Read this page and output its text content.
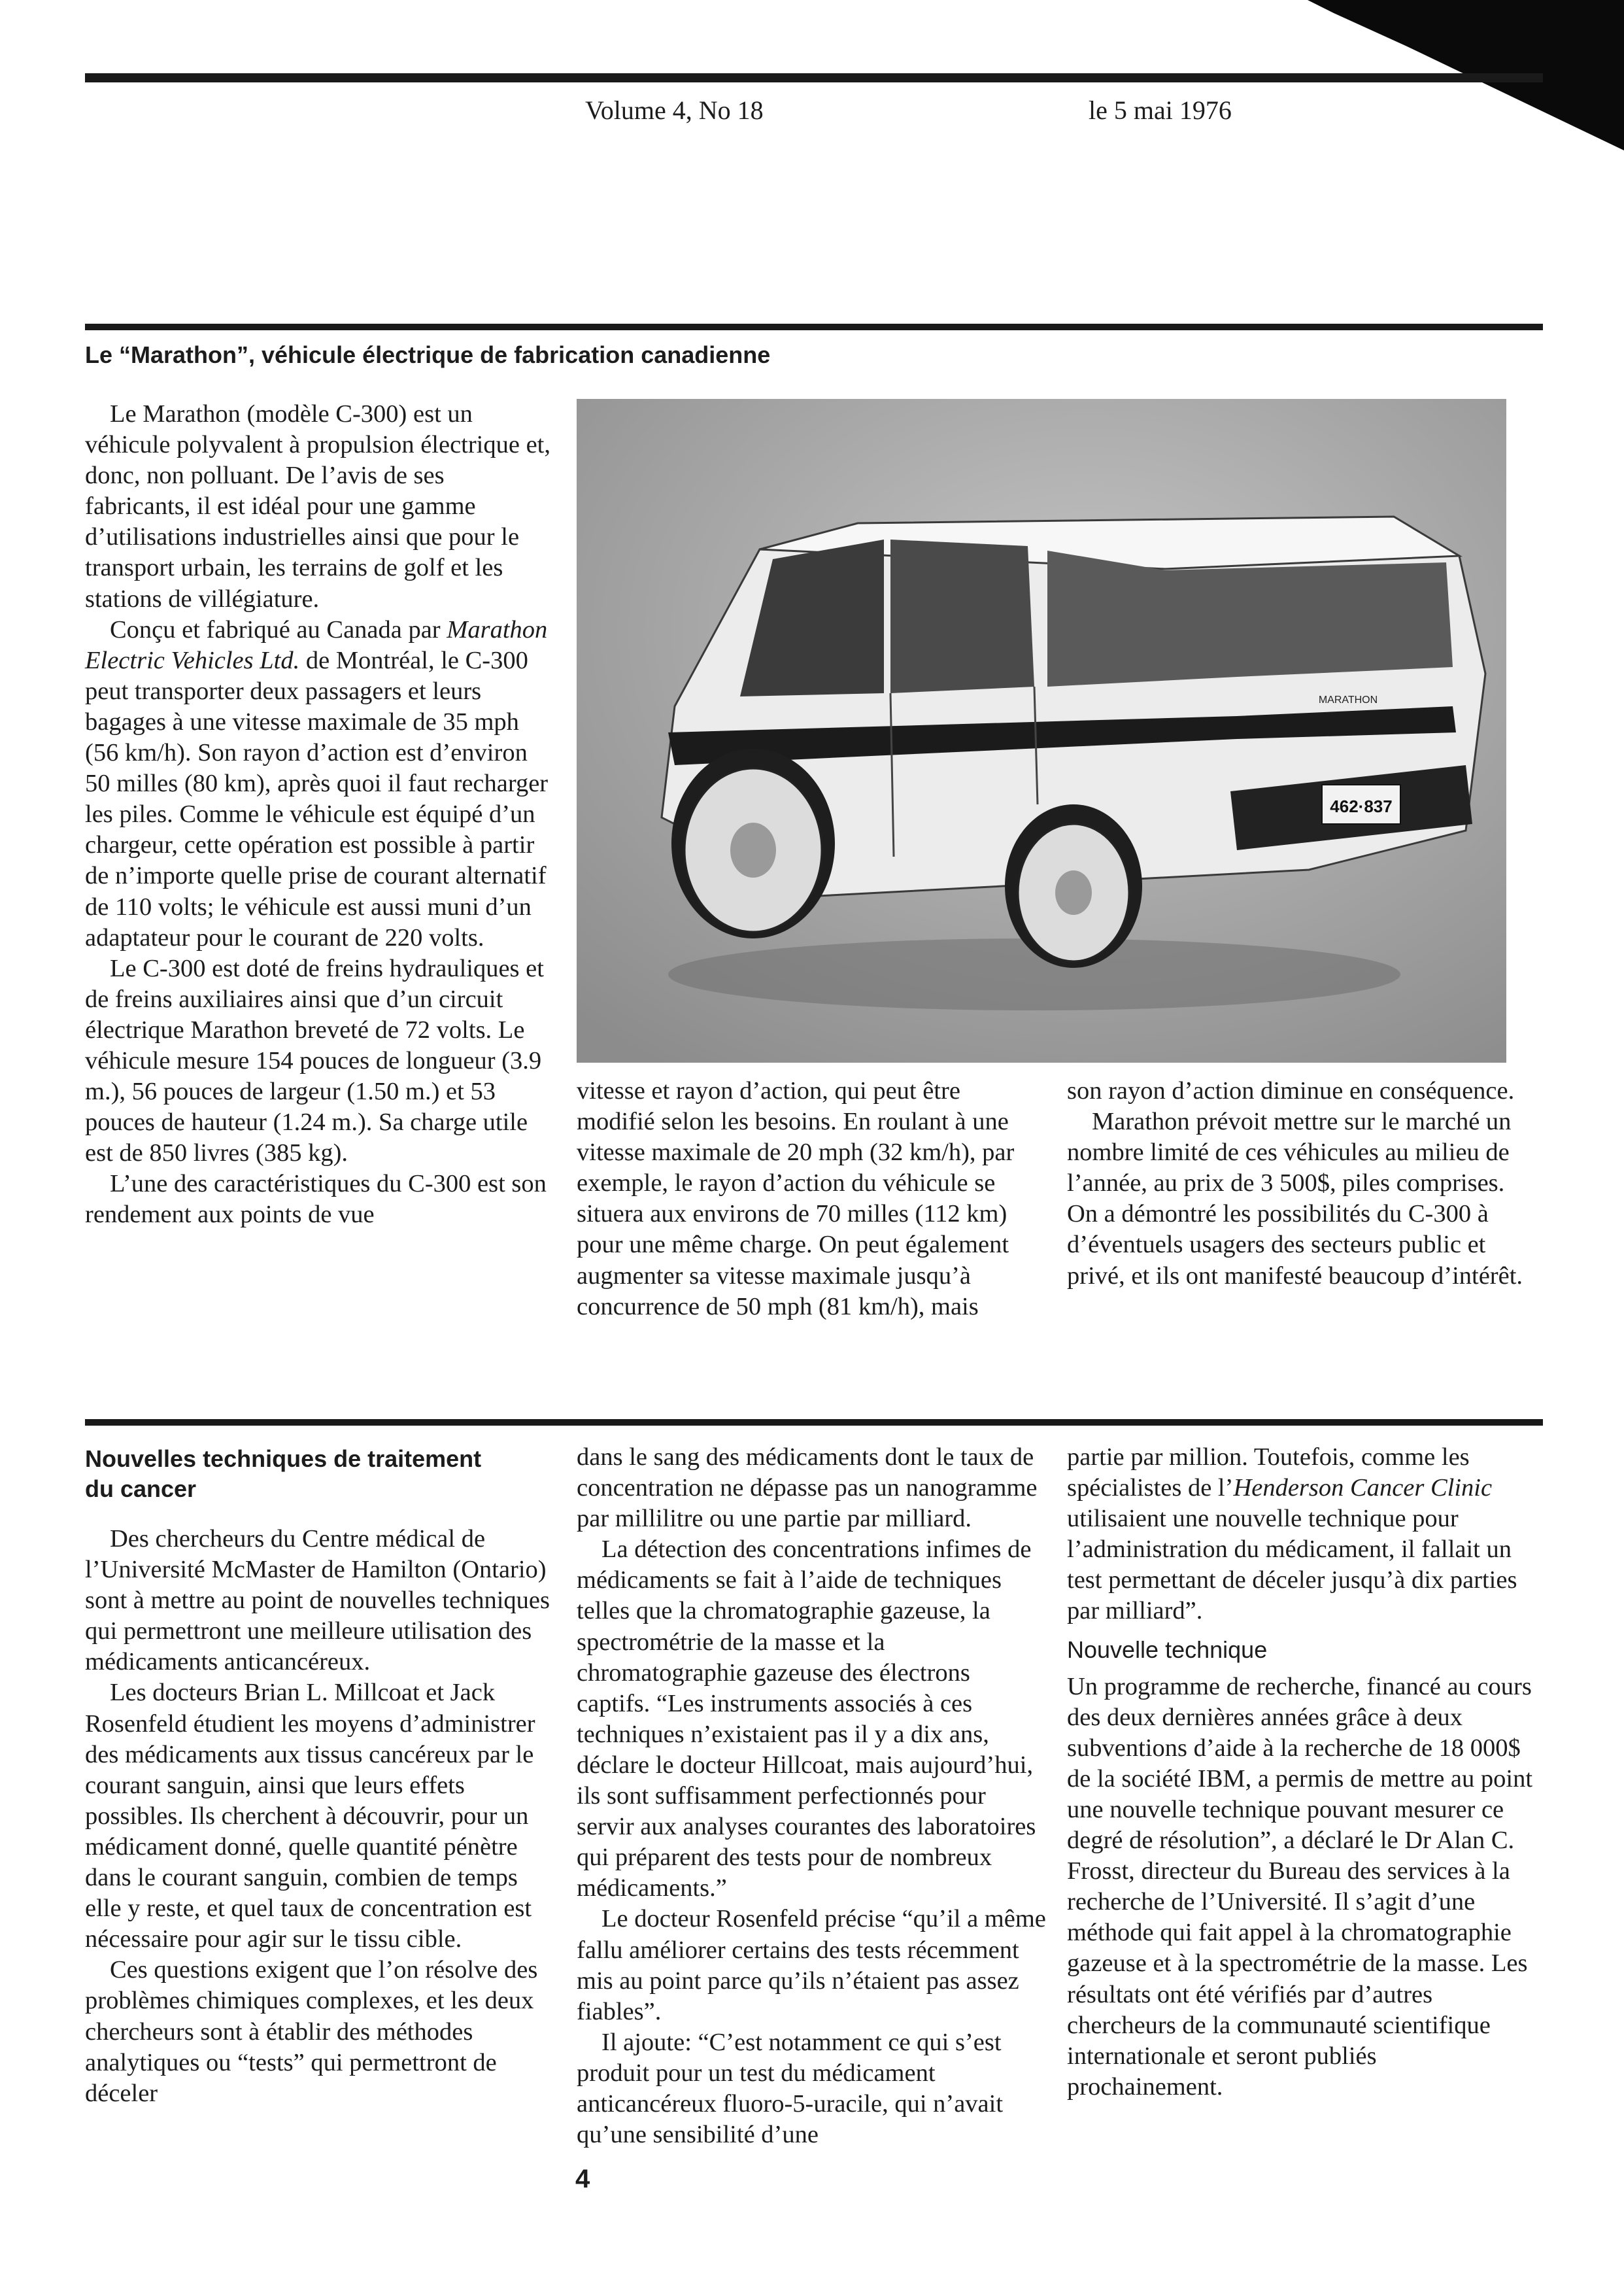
Volume 4, No 18	le 5 mai 1976
Le “Marathon”, véhicule électrique de fabrication canadienne

Le Marathon (modèle C-300) est un véhicule polyvalent à propulsion électrique et, donc, non polluant. De l’avis de ses fabricants, il est idéal pour une gamme d’utilisations industrielles ainsi que pour le transport urbain, les terrains de golf et les stations de villégiature.

Conçu et fabriqué au Canada par Marathon Electric Vehicles Ltd. de Montréal, le C-300 peut transporter deux passagers et leurs bagages à une vitesse maximale de 35 mph (56 km/h). Son rayon d’action est d’environ 50 milles (80 km), après quoi il faut recharger les piles. Comme le véhicule est équipé d’un chargeur, cette opération est possible à partir de n’importe quelle prise de courant alternatif de 110 volts; le véhicule est aussi muni d’un adaptateur pour le courant de 220 volts.

Le C-300 est doté de freins hydrauliques et de freins auxiliaires ainsi que d’un circuit électrique Marathon breveté de 72 volts. Le véhicule mesure 154 pouces de longueur (3.9 m.), 56 pouces de largeur (1.50 m.) et 53 pouces de hauteur (1.24 m.). Sa charge utile est de 850 livres (385 kg).

L’une des caractéristiques du C-300 est son rendement aux points de vue

462·837
MARATHON

vitesse et rayon d’action, qui peut être modifié selon les besoins. En roulant à une vitesse maximale de 20 mph (32 km/h), par exemple, le rayon d’action du véhicule se situera aux environs de 70 milles (112 km) pour une même charge. On peut également augmenter sa vitesse maximale jusqu’à concurrence de 50 mph (81 km/h), mais

son rayon d’action diminue en conséquence.

Marathon prévoit mettre sur le marché un nombre limité de ces véhicules au milieu de l’année, au prix de 3 500$, piles comprises. On a démontré les possibilités du C-300 à d’éventuels usagers des secteurs public et privé, et ils ont manifesté beaucoup d’intérêt.

Nouvelles techniques de traitement du cancer

Des chercheurs du Centre médical de l’Université McMaster de Hamilton (Ontario) sont à mettre au point de nouvelles techniques qui permettront une meilleure utilisation des médicaments anticancéreux.

Les docteurs Brian L. Millcoat et Jack Rosenfeld étudient les moyens d’administrer des médicaments aux tissus cancéreux par le courant sanguin, ainsi que leurs effets possibles. Ils cherchent à découvrir, pour un médicament donné, quelle quantité pénètre dans le courant sanguin, combien de temps elle y reste, et quel taux de concentration est nécessaire pour agir sur le tissu cible.

Ces questions exigent que l’on résolve des problèmes chimiques complexes, et les deux chercheurs sont à établir des méthodes analytiques ou “tests” qui permettront de déceler

dans le sang des médicaments dont le taux de concentration ne dépasse pas un nanogramme par millilitre ou une partie par milliard.

La détection des concentrations infimes de médicaments se fait à l’aide de techniques telles que la chromatographie gazeuse, la spectrométrie de la masse et la chromatographie gazeuse des électrons captifs. “Les instruments associés à ces techniques n’existaient pas il y a dix ans, déclare le docteur Hillcoat, mais aujourd’hui, ils sont suffisamment perfectionnés pour servir aux analyses courantes des laboratoires qui préparent des tests pour de nombreux médicaments.”

Le docteur Rosenfeld précise “qu’il a même fallu améliorer certains des tests récemment mis au point parce qu’ils n’étaient pas assez fiables”.

Il ajoute: “C’est notamment ce qui s’est produit pour un test du médicament anticancéreux fluoro-5-uracile, qui n’avait qu’une sensibilité d’une

partie par million. Toutefois, comme les spécialistes de l’Henderson Cancer Clinic utilisaient une nouvelle technique pour l’administration du médicament, il fallait un test permettant de déceler jusqu’à dix parties par milliard”.

Nouvelle technique

Un programme de recherche, financé au cours des deux dernières années grâce à deux subventions d’aide à la recherche de 18 000$ de la société IBM, a permis de mettre au point une nouvelle technique pouvant mesurer ce degré de résolution”, a déclaré le Dr Alan C. Frosst, directeur du Bureau des services à la recherche de l’Université. Il s’agit d’une méthode qui fait appel à la chromatographie gazeuse et à la spectrométrie de la masse. Les résultats ont été vérifiés par d’autres chercheurs de la communauté scientifique internationale et seront publiés prochainement.

4
